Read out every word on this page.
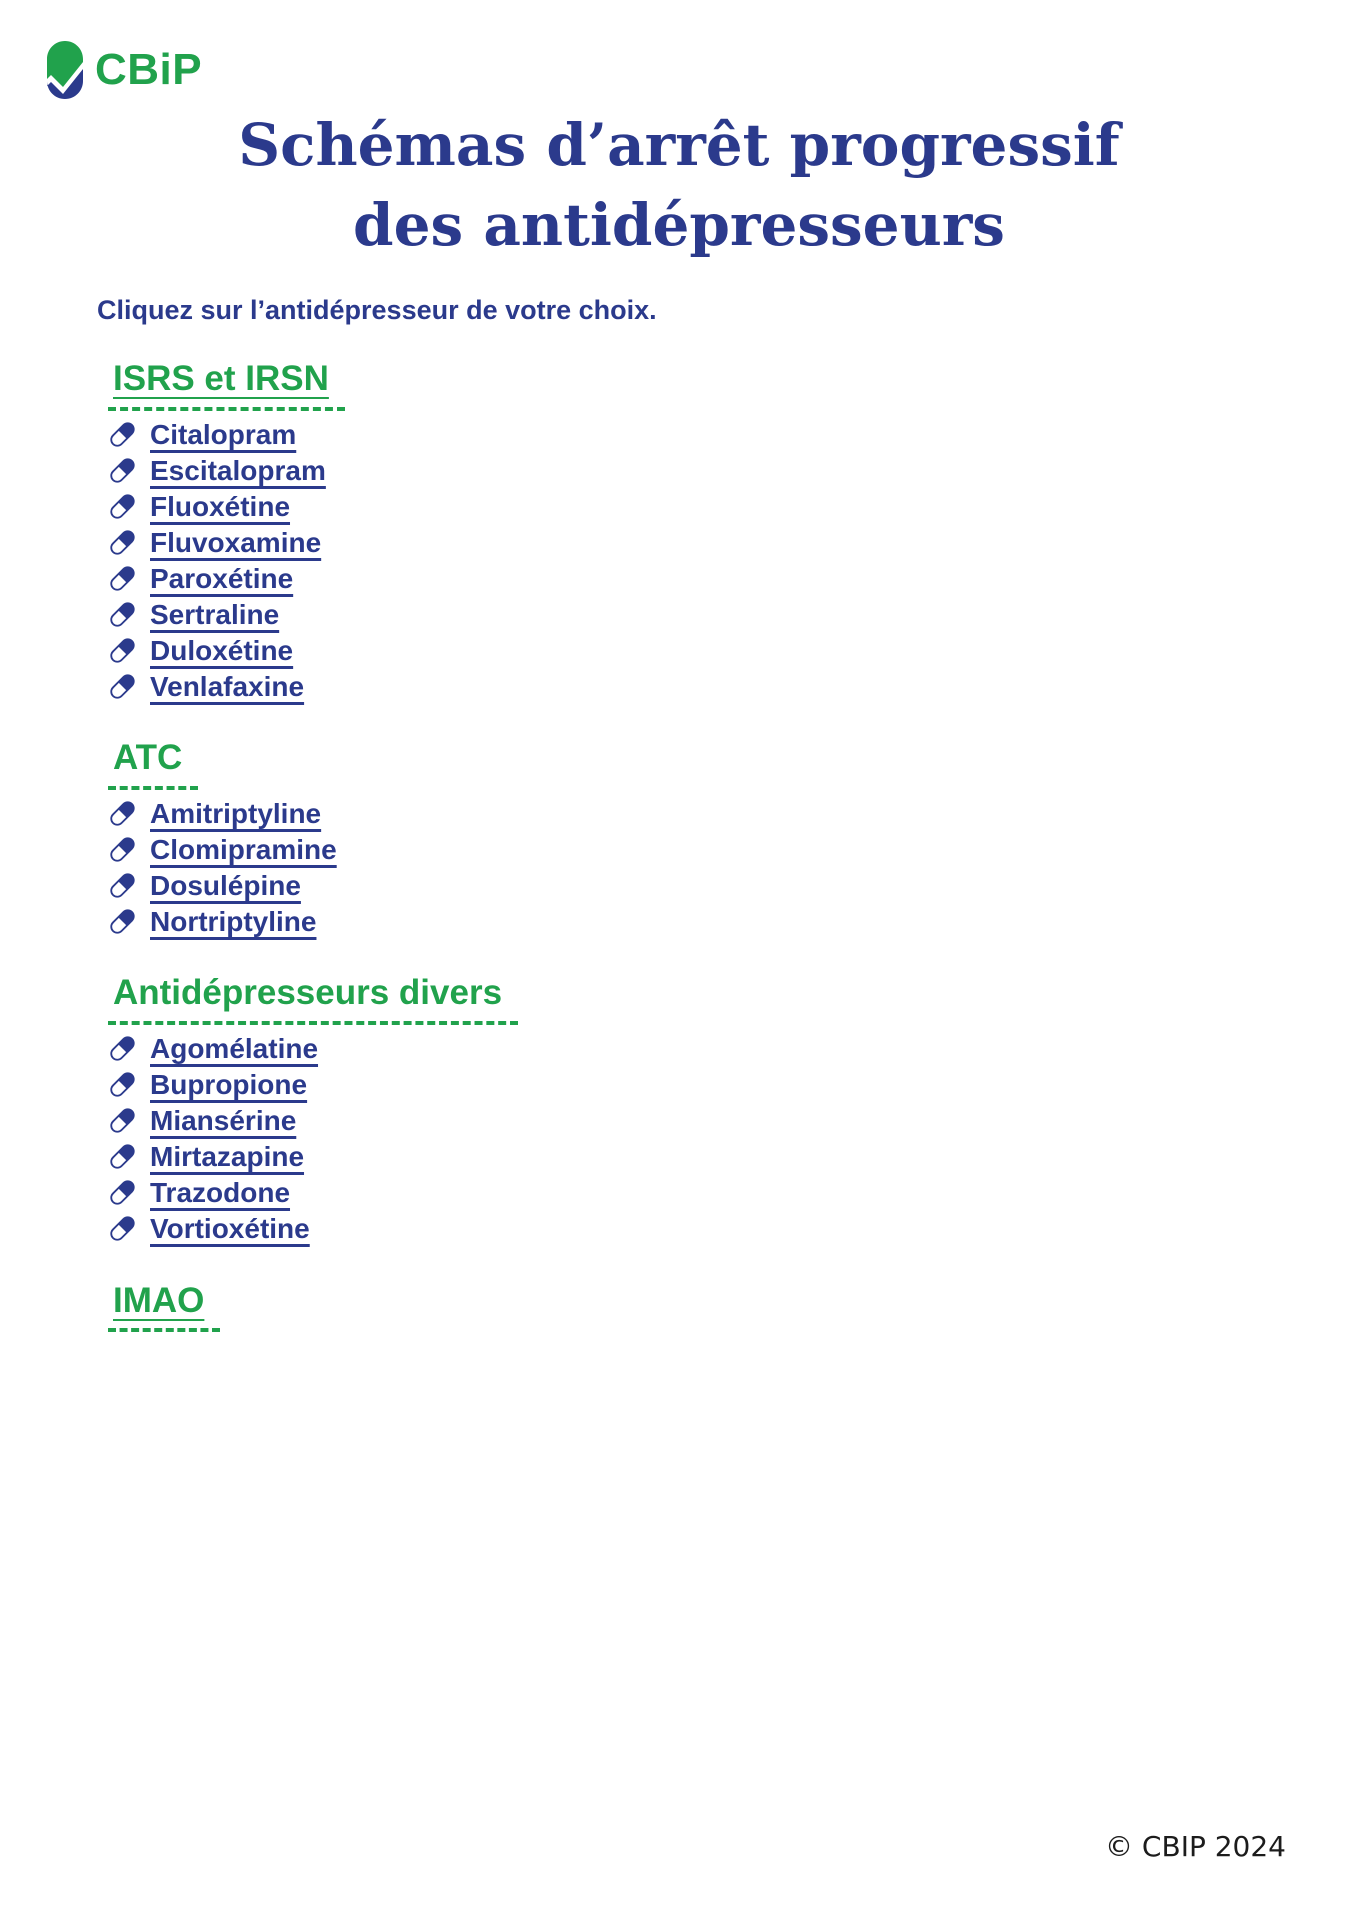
CBiP
Schémas d’arrêt progressif
des antidépresseurs

Cliquez sur l’antidépresseur de votre choix.

ISRS et IRSN
Citalopram
Escitalopram
Fluoxétine
Fluvoxamine
Paroxétine
Sertraline
Duloxétine
Venlafaxine
ATC
Amitriptyline
Clomipramine
Dosulépine
Nortriptyline
Antidépresseurs divers
Agomélatine
Bupropione
Miansérine
Mirtazapine
Trazodone
Vortioxétine
IMAO
© CBIP 2024
